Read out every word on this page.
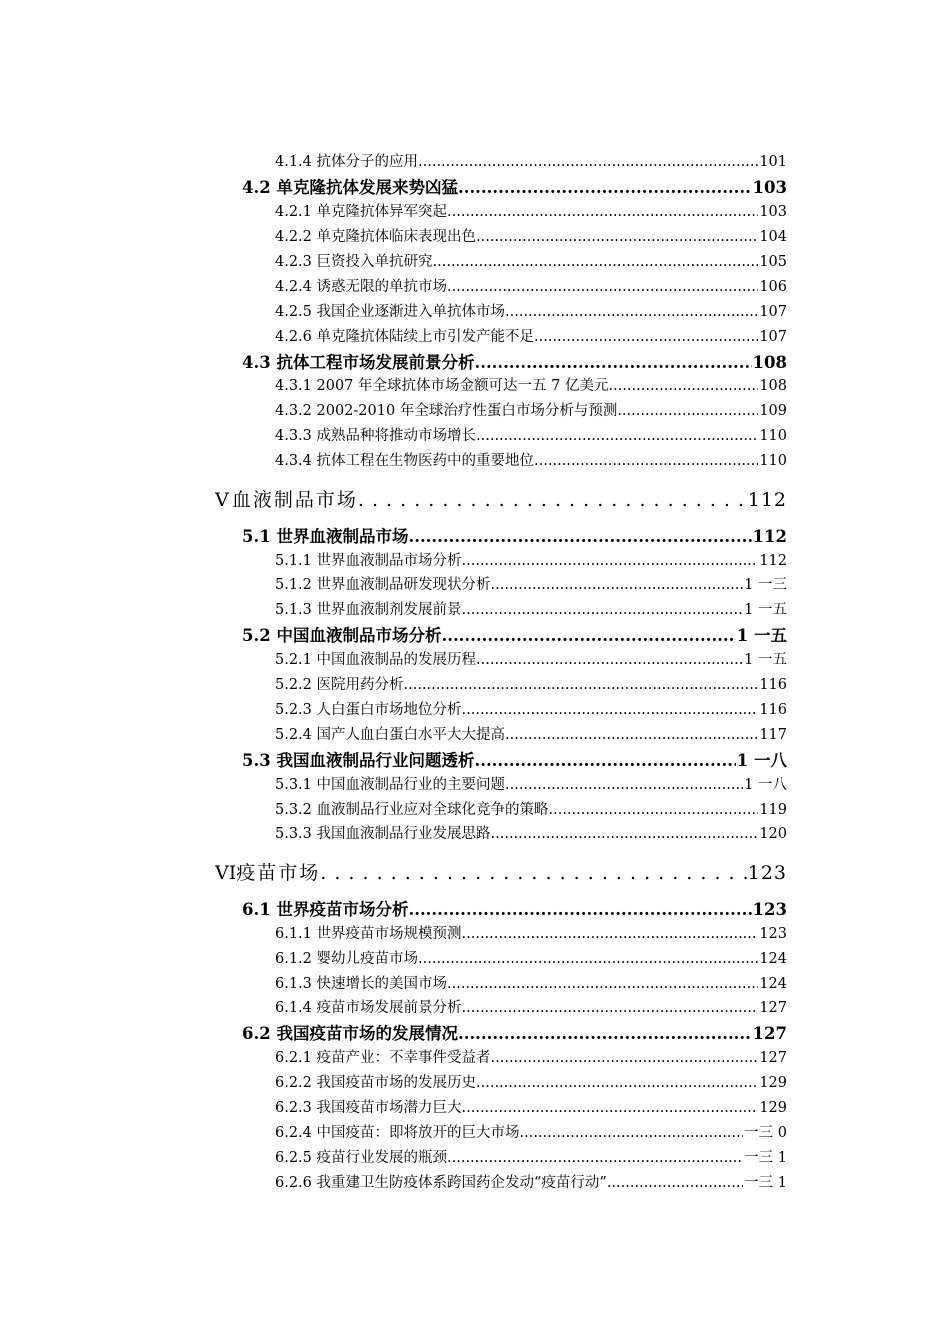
4.1.4 抗体分子的应用 .....	101
4.2 单克隆抗体发展来势凶猛 .....	103
4.2.1 单克隆抗体异军突起 .....	103
4.2.2 单克隆抗体临床表现出色 .....	104
4.2.3 巨资投入单抗研究 .....	105
4.2.4 诱惑无限的单抗市场 .....	106
4.2.5 我国企业逐渐进入单抗体市场 .....	107
4.2.6 单克隆抗体陆续上市引发产能不足 .....	107
4.3 抗体工程市场发展前景分析 .....	108
4.3.1 2007 年全球抗体市场金额可达一五 7 亿美元 .....	108
4.3.2 2002-2010 年全球治疗性蛋白市场分析与预测 .....	109
4.3.3 成熟品种将推动市场增长 .....	110
4.3.4 抗体工程在生物医药中的重要地位 .....	110
V 血液制品市场 . . .	112
5.1 世界血液制品市场 .....	112
5.1.1 世界血液制品市场分析 .....	112
5.1.2 世界血液制品研发现状分析 .....	1 一三
5.1.3 世界血液制剂发展前景 .....	1 一五
5.2 中国血液制品市场分析 .....	1 一五
5.2.1 中国血液制品的发展历程 .....	1 一五
5.2.2 医院用药分析 .....	116
5.2.3 人白蛋白市场地位分析 .....	116
5.2.4 国产人血白蛋白水平大大提高 .....	117
5.3 我国血液制品行业问题透析 .....	1 一八
5.3.1 中国血液制品行业的主要问题 .....	1 一八
5.3.2 血液制品行业应对全球化竞争的策略 .....	119
5.3.3 我国血液制品行业发展思路 .....	120
VI 疫苗市场 . . .	123
6.1 世界疫苗市场分析 .....	123
6.1.1 世界疫苗市场规模预测 .....	123
6.1.2 婴幼儿疫苗市场 .....	124
6.1.3 快速增长的美国市场 .....	124
6.1.4 疫苗市场发展前景分析 .....	127
6.2 我国疫苗市场的发展情况 .....	127
6.2.1 疫苗产业：不幸事件受益者 .....	127
6.2.2 我国疫苗市场的发展历史 .....	129
6.2.3 我国疫苗市场潜力巨大 .....	129
6.2.4 中国疫苗：即将放开的巨大市场 .....	一三 0
6.2.5 疫苗行业发展的瓶颈 .....	一三 1
6.2.6 我重建卫生防疫体系跨国药企发动“疫苗行动” .....	一三 1
